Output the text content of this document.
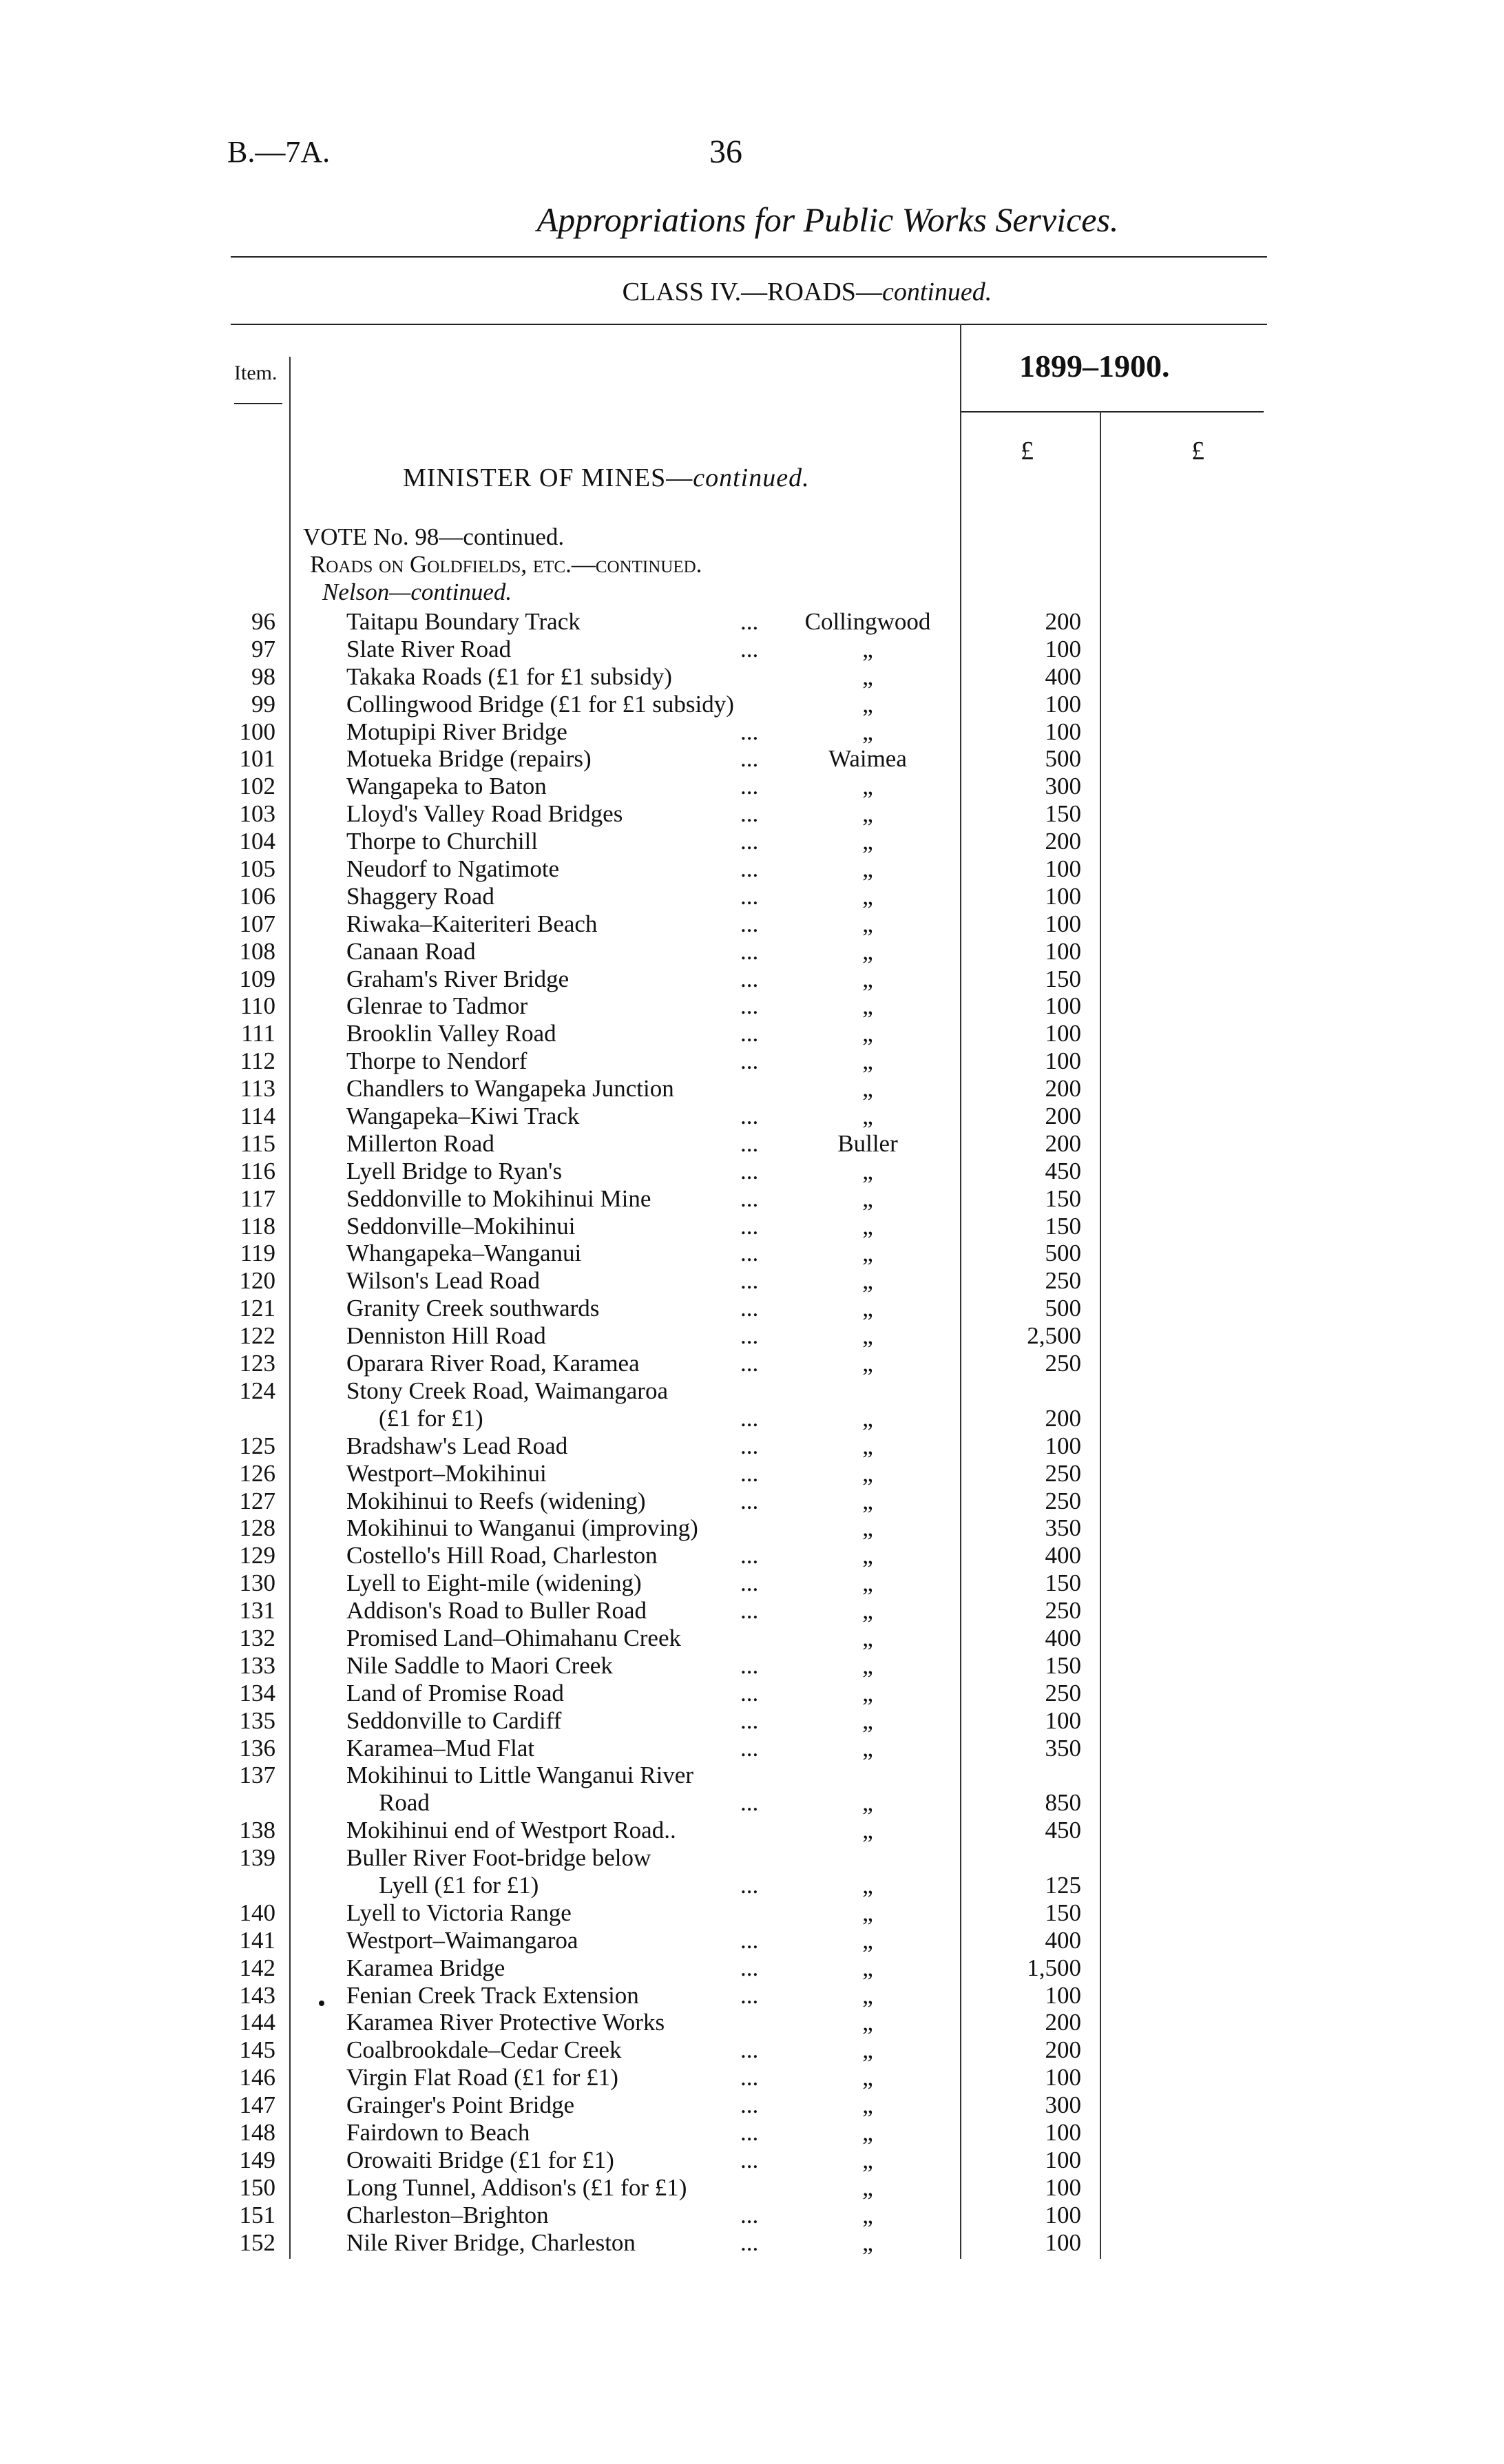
B.—7A.	36
Appropriations for Public Works Services.
CLASS IV.—ROADS—continued.
Item.	1899–1900.
£	£
MINISTER OF MINES—continued.
VOTE No. 98—continued.
Roads on Goldfields, etc.—continued.
Nelson—continued.
96	Taitapu Boundary Track	...	Collingwood	200
97	Slate River Road	...	„	100
98	Takaka Roads (£1 for £1 subsidy)	„	400
99	Collingwood Bridge (£1 for £1 subsidy)	„	100
100	Motupipi River Bridge	...	„	100
101	Motueka Bridge (repairs)	...	Waimea	500
102	Wangapeka to Baton	...	„	300
103	Lloyd's Valley Road Bridges	...	„	150
104	Thorpe to Churchill	...	„	200
105	Neudorf to Ngatimote	...	„	100
106	Shaggery Road	...	„	100
107	Riwaka–Kaiteriteri Beach	...	„	100
108	Canaan Road	...	„	100
109	Graham's River Bridge	...	„	150
110	Glenrae to Tadmor	...	„	100
111	Brooklin Valley Road	...	„	100
112	Thorpe to Nendorf	...	„	100
113	Chandlers to Wangapeka Junction	„	200
114	Wangapeka–Kiwi Track	...	„	200
115	Millerton Road	...	Buller	200
116	Lyell Bridge to Ryan's	...	„	450
117	Seddonville to Mokihinui Mine	...	„	150
118	Seddonville–Mokihinui	...	„	150
119	Whangapeka–Wanganui	...	„	500
120	Wilson's Lead Road	...	„	250
121	Granity Creek southwards	...	„	500
122	Denniston Hill Road	...	„	2,500
123	Oparara River Road, Karamea	...	„	250
124	Stony Creek Road, Waimangaroa
(£1 for £1)	...	„	200
125	Bradshaw's Lead Road	...	„	100
126	Westport–Mokihinui	...	„	250
127	Mokihinui to Reefs (widening)	...	„	250
128	Mokihinui to Wanganui (improving)	„	350
129	Costello's Hill Road, Charleston	...	„	400
130	Lyell to Eight-mile (widening)	...	„	150
131	Addison's Road to Buller Road	...	„	250
132	Promised Land–Ohimahanu Creek	„	400
133	Nile Saddle to Maori Creek	...	„	150
134	Land of Promise Road	...	„	250
135	Seddonville to Cardiff	...	„	100
136	Karamea–Mud Flat	...	„	350
137	Mokihinui to Little Wanganui River
Road	...	„	850
138	Mokihinui end of Westport Road..	„	450
139	Buller River Foot-bridge below
Lyell (£1 for £1)	...	„	125
140	Lyell to Victoria Range	„	150
141	Westport–Waimangaroa	...	„	400
142	Karamea Bridge	...	„	1,500
143	Fenian Creek Track Extension	...	„	100
144	Karamea River Protective Works	„	200
145	Coalbrookdale–Cedar Creek	...	„	200
146	Virgin Flat Road (£1 for £1)	...	„	100
147	Grainger's Point Bridge	...	„	300
148	Fairdown to Beach	...	„	100
149	Orowaiti Bridge (£1 for £1)	...	„	100
150	Long Tunnel, Addison's (£1 for £1)	„	100
151	Charleston–Brighton	...	„	100
152	Nile River Bridge, Charleston	...	„	100
